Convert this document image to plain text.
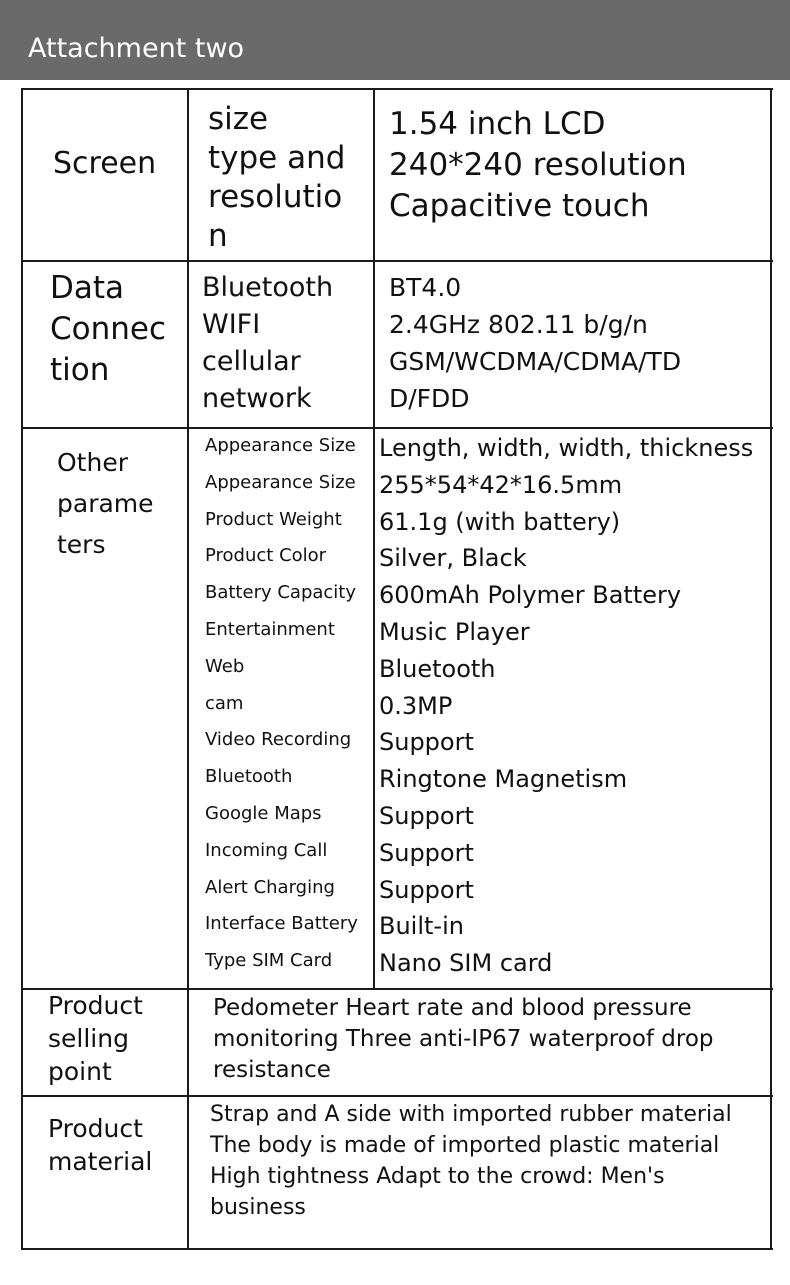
Attachment two
Screen
size
type and
resolutio
n
1.54 inch LCD
240*240 resolution
Capacitive touch
Data
Connec
tion
Bluetooth
WIFI
cellular
network
BT4.0
2.4GHz 802.11 b/g/n
GSM/WCDMA/CDMA/TD
D/FDD
Other
parame
ters
Appearance Size
Appearance Size
Product Weight
Product Color
Battery Capacity
Entertainment
Web
cam
Video Recording
Bluetooth
Google Maps
Incoming Call
Alert Charging
Interface Battery
Type SIM Card
Length, width, width, thickness
255*54*42*16.5mm
61.1g (with battery)
Silver, Black
600mAh Polymer Battery
Music Player
Bluetooth
0.3MP
Support
Ringtone Magnetism
Support
Support
Support
Built-in
Nano SIM card
Product
selling
point
Pedometer Heart rate and blood pressure
monitoring Three anti-IP67 waterproof drop
resistance
Product
material
Strap and A side with imported rubber material
The body is made of imported plastic material
High tightness Adapt to the crowd: Men's
business
